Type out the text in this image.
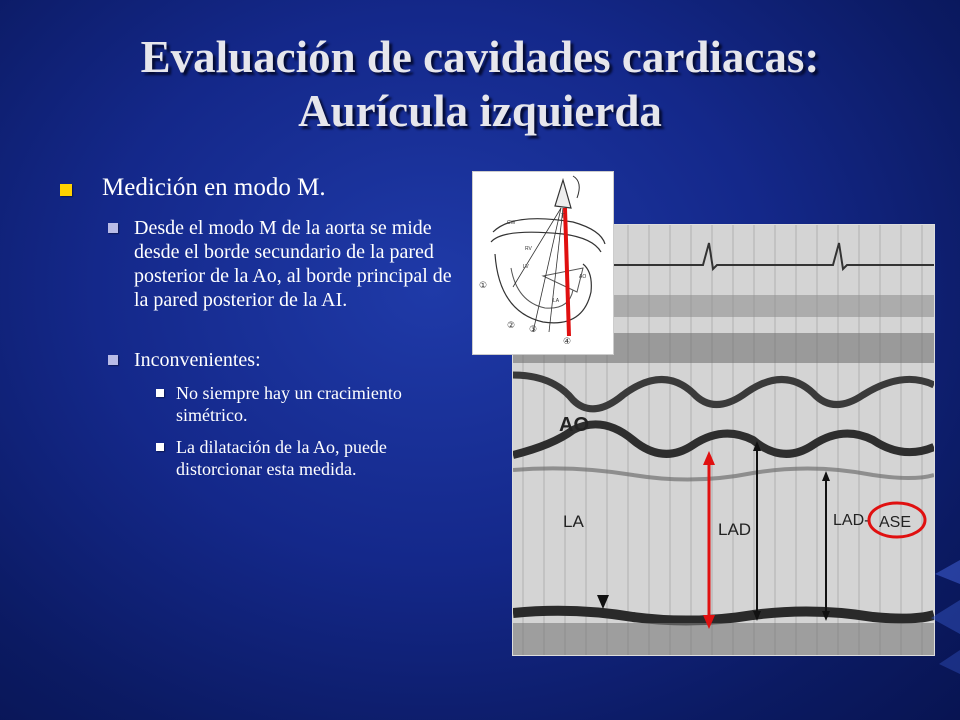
Evaluación de cavidades cardiacas:
Aurícula izquierda
Medición en modo M.
Desde el modo M de la aorta se mide desde el borde secundario de la pared posterior de la Ao, al borde principal de la pared posterior de la AI.
Inconvenientes:
No siempre hay un cracimiento simétrico.
La dilatación de la Ao, puede distorcionar esta medida.
AO
LA	LAD	LAD- ASE
CW
RV
LV
AO
LA
T
①
② ③
④
